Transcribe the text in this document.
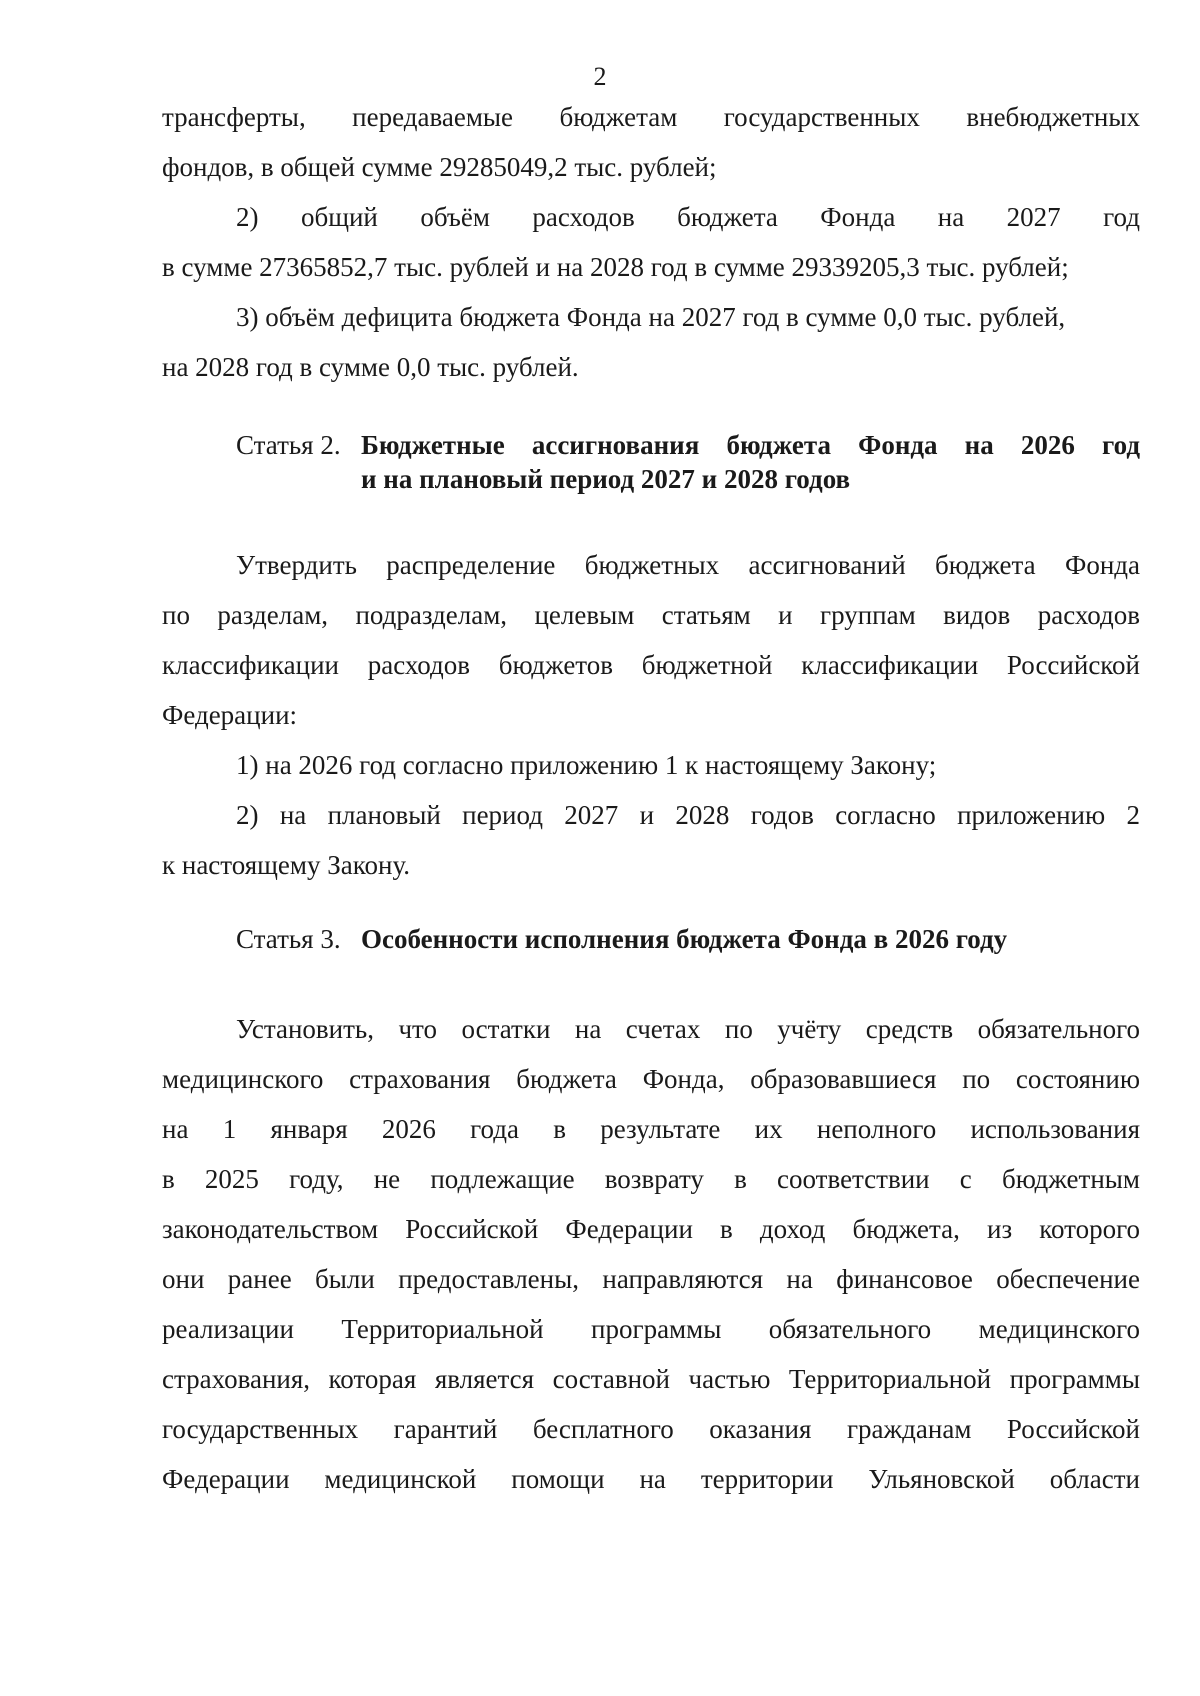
2
трансферты, передаваемые бюджетам государственных внебюджетных
фондов, в общей сумме 29285049,2 тыс. рублей;
2) общий объём расходов бюджета Фонда на 2027 год
в сумме 27365852,7 тыс. рублей и на 2028 год в сумме 29339205,3 тыс. рублей;
3) объём дефицита бюджета Фонда на 2027 год в сумме 0,0 тыс. рублей,
на 2028 год в сумме 0,0 тыс. рублей.
Статья 2. Бюджетные ассигнования бюджета Фонда на 2026 год
и на плановый период 2027 и 2028 годов
Утвердить распределение бюджетных ассигнований бюджета Фонда
по разделам, подразделам, целевым статьям и группам видов расходов
классификации расходов бюджетов бюджетной классификации Российской
Федерации:
1) на 2026 год согласно приложению 1 к настоящему Закону;
2) на плановый период 2027 и 2028 годов согласно приложению 2
к настоящему Закону.
Статья 3. Особенности исполнения бюджета Фонда в 2026 году
Установить, что остатки на счетах по учёту средств обязательного
медицинского страхования бюджета Фонда, образовавшиеся по состоянию
на 1 января 2026 года в результате их неполного использования
в 2025 году, не подлежащие возврату в соответствии с бюджетным
законодательством Российской Федерации в доход бюджета, из которого
они ранее были предоставлены, направляются на финансовое обеспечение
реализации Территориальной программы обязательного медицинского
страхования, которая является составной частью Территориальной программы
государственных гарантий бесплатного оказания гражданам Российской
Федерации медицинской помощи на территории Ульяновской области
